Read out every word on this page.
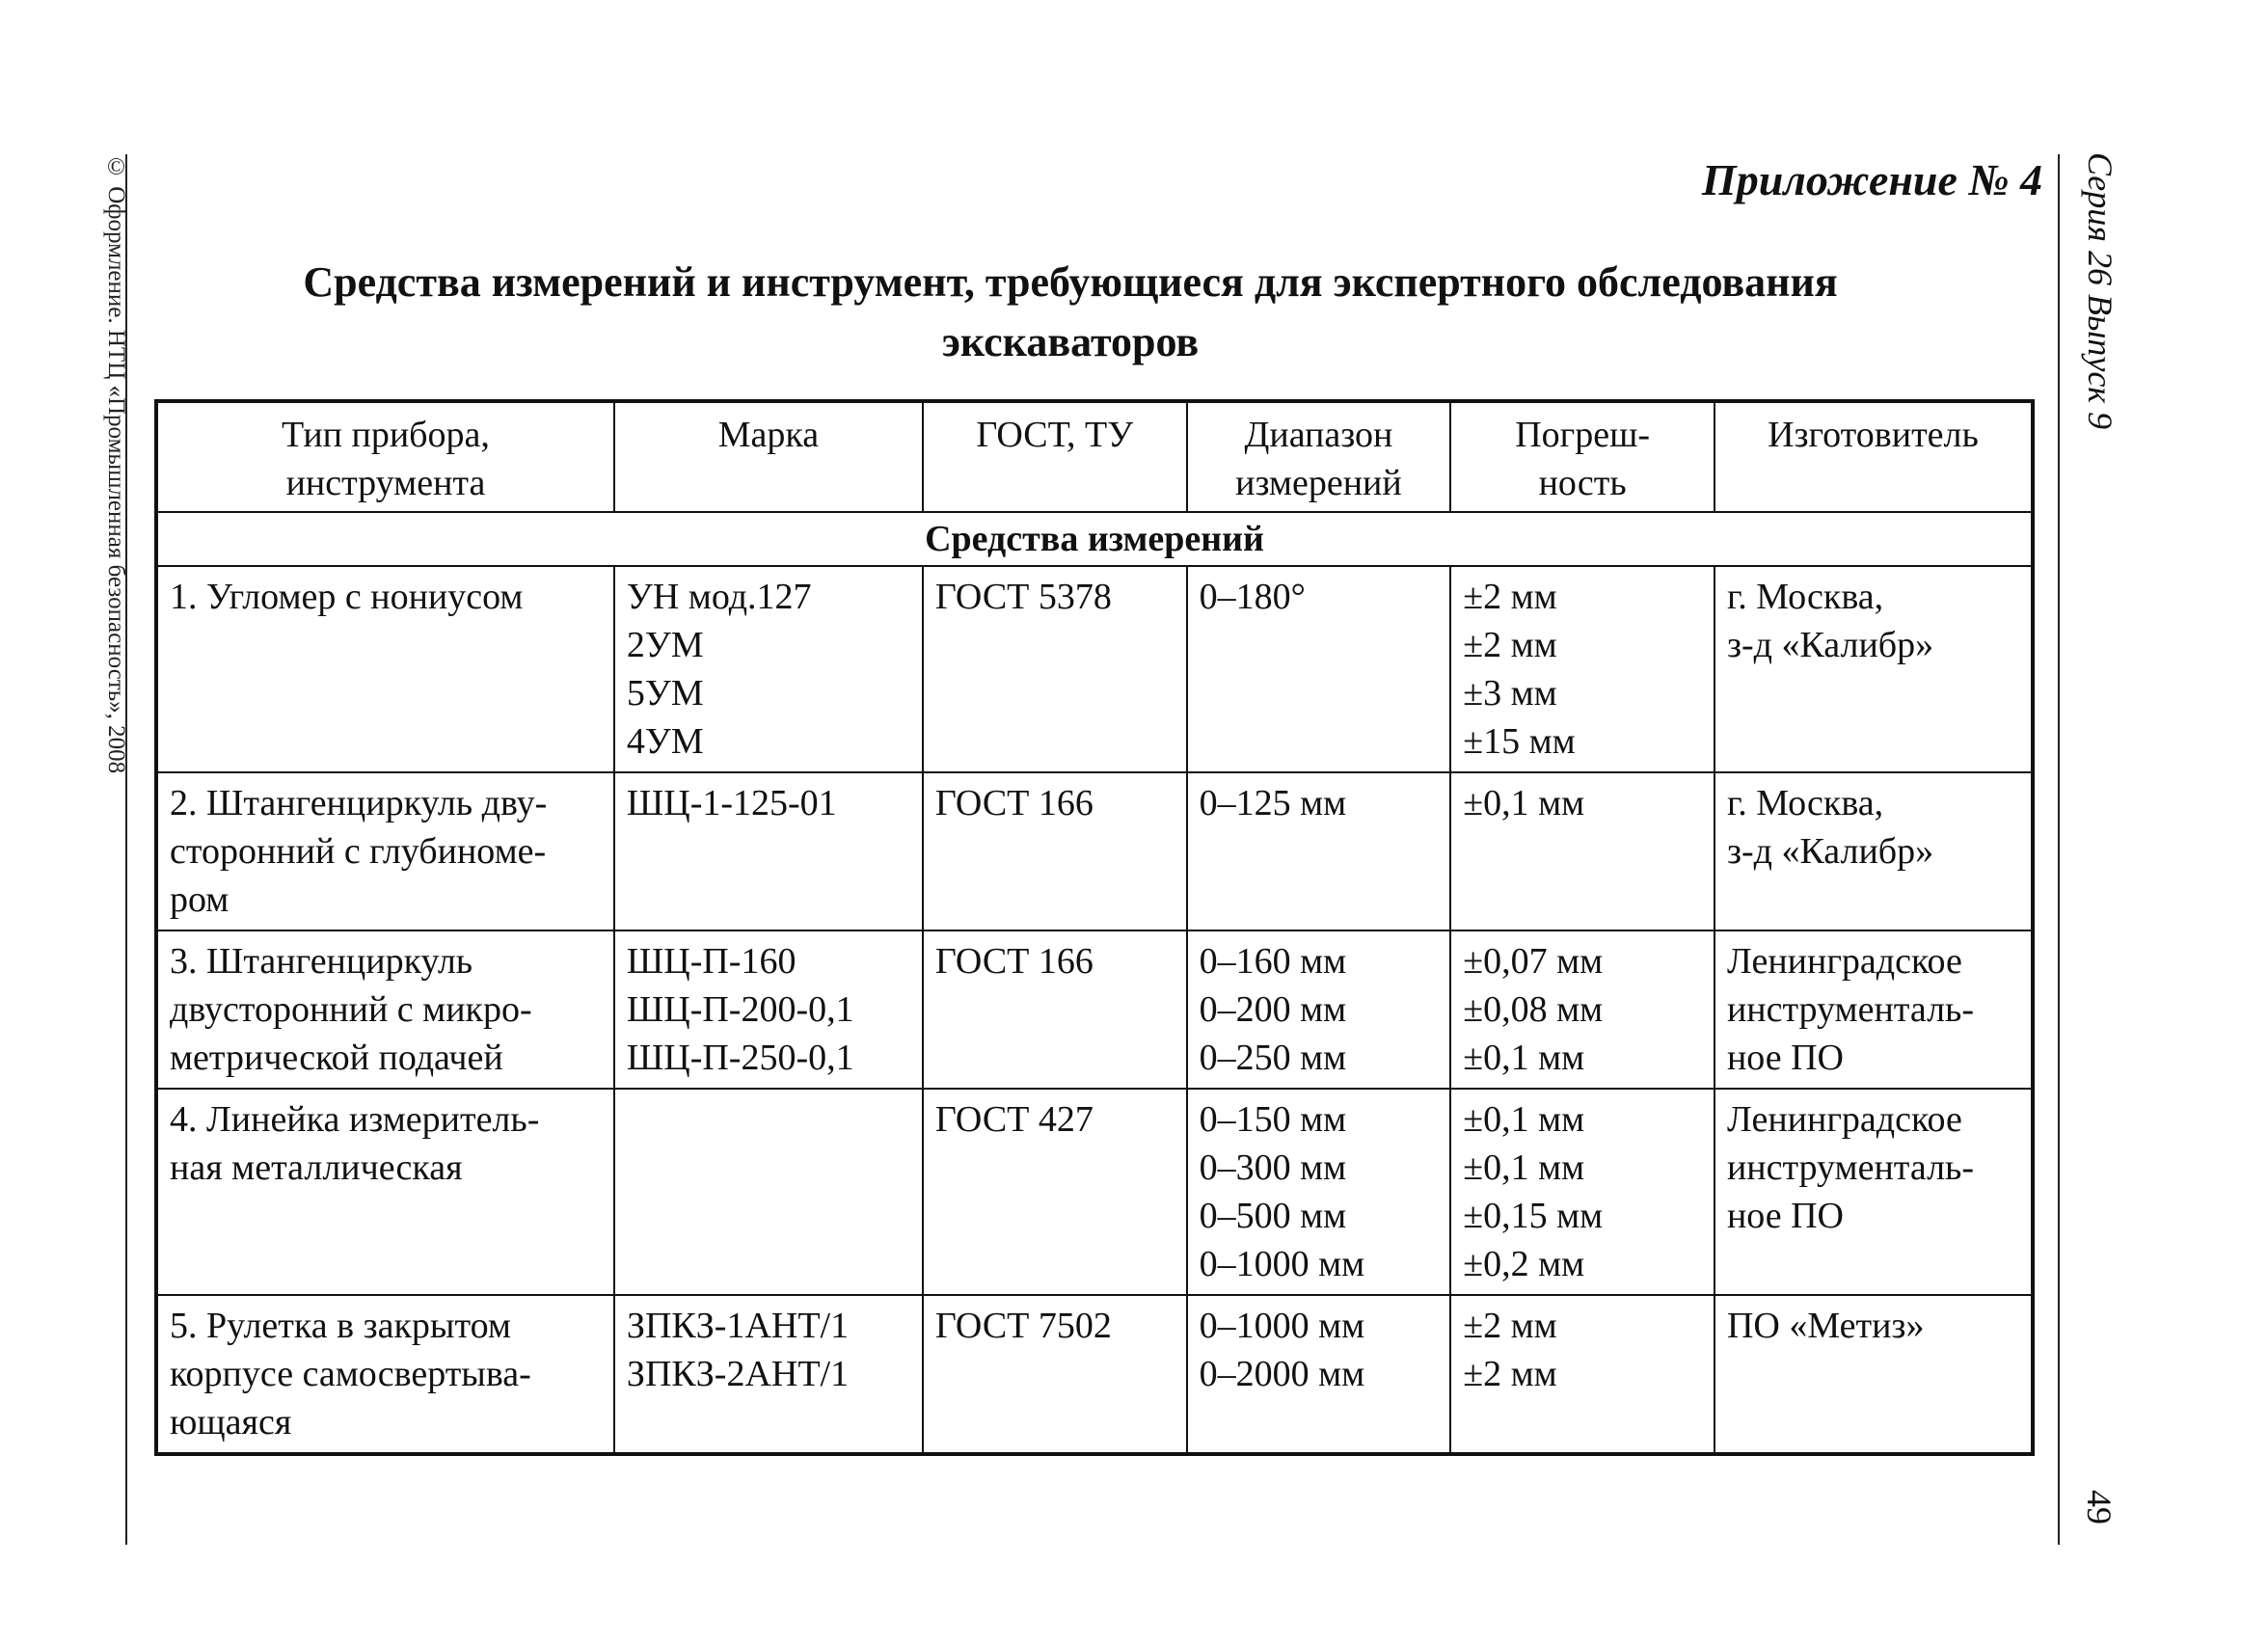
© Оформление. НТЦ «Промышленная безопасность», 2008	Серия 26 Выпуск 9
49
Приложение № 4
Средства измерений и инструмент, требующиеся для экспертного обследования
экскаваторов
Тип прибора,
инструмента	Марка	ГОСТ, ТУ	Диапазон
измерений	Погреш-
ность	Изготовитель

Средства измерений					

1. Угломер с нониусом	УН мод.127
2УМ
5УМ
4УМ	ГОСТ 5378	0–180°	±2 мм
±2 мм
±3 мм
±15 мм	г. Москва,
з-д «Калибр»

2. Штангенциркуль дву-
сторонний с глубиноме-
ром	ШЦ-1-125-01	ГОСТ 166	0–125 мм	±0,1 мм	г. Москва,
з-д «Калибр»

3. Штангенциркуль
двусторонний с микро-
метрической подачей	ШЦ-П-160
ШЦ-П-200-0,1
ШЦ-П-250-0,1	ГОСТ 166	0–160 мм
0–200 мм
0–250 мм	±0,07 мм
±0,08 мм
±0,1 мм	Ленинградское
инструменталь-
ное ПО

4. Линейка измеритель-
ная металлическая		ГОСТ 427	0–150 мм
0–300 мм
0–500 мм
0–1000 мм	±0,1 мм
±0,1 мм
±0,15 мм
±0,2 мм	Ленинградское
инструменталь-
ное ПО

5. Рулетка в закрытом
корпусе самосвертыва-
ющаяся	ЗПКЗ-1АНТ/1
ЗПКЗ-2АНТ/1	ГОСТ 7502	0–1000 мм
0–2000 мм	±2 мм
±2 мм	ПО «Метиз»
